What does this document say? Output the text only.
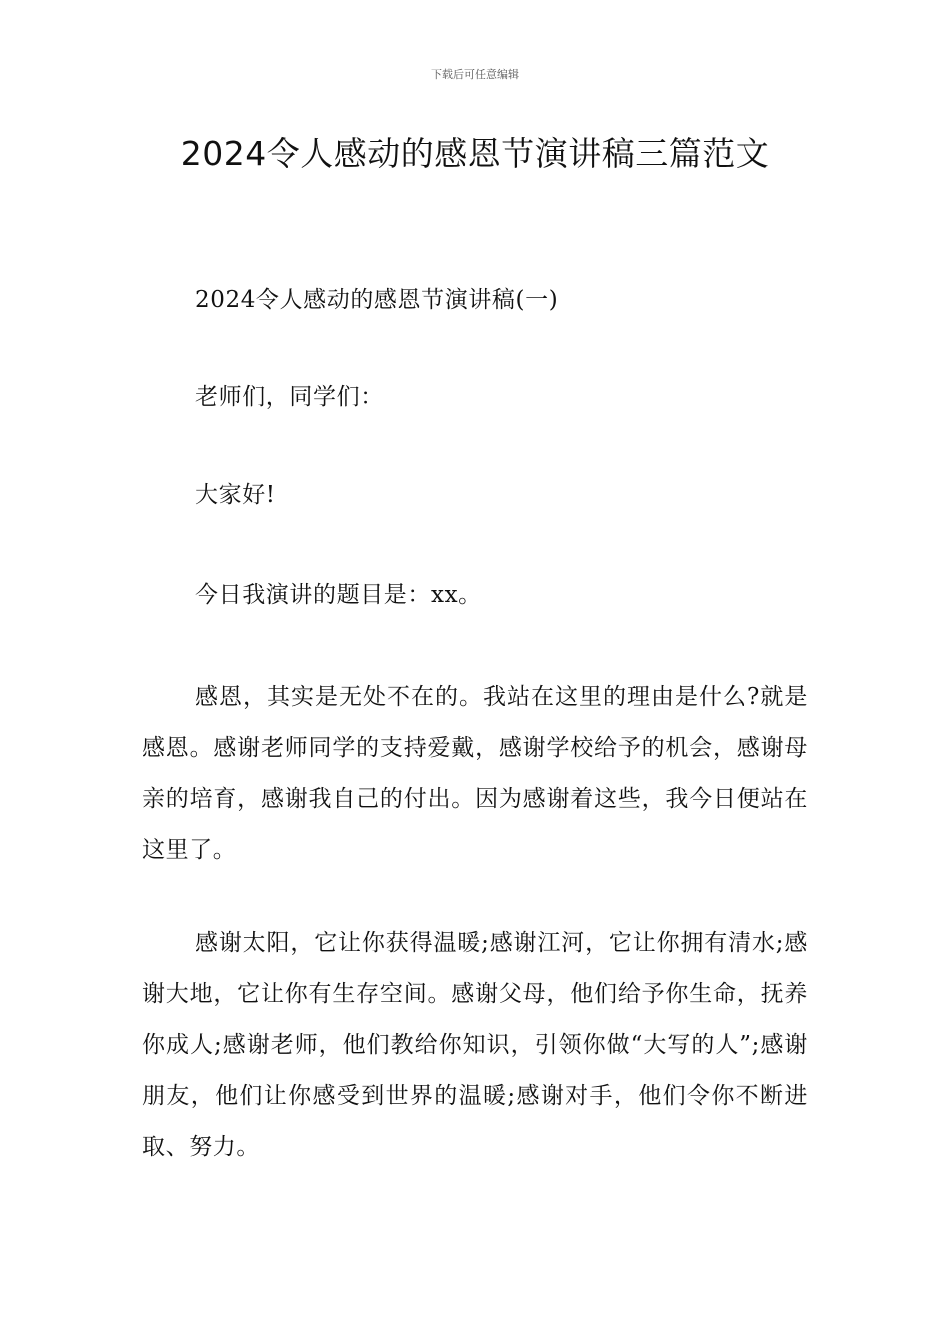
下载后可任意编辑
2024令人感动的感恩节演讲稿三篇范文

2024令人感动的感恩节演讲稿(一)

老师们，同学们：

大家好!

今日我演讲的题目是：xx。

感恩，其实是无处不在的。我站在这里的理由是什么?就是感恩。感谢老师同学的支持爱戴，感谢学校给予的机会，感谢母亲的培育，感谢我自己的付出。因为感谢着这些，我今日便站在这里了。

感谢太阳，它让你获得温暖;感谢江河，它让你拥有清水;感谢大地，它让你有生存空间。感谢父母，他们给予你生命，抚养你成人;感谢老师，他们教给你知识，引领你做“大写的人”;感谢朋友，他们让你感受到世界的温暖;感谢对手，他们令你不断进取、努力。
